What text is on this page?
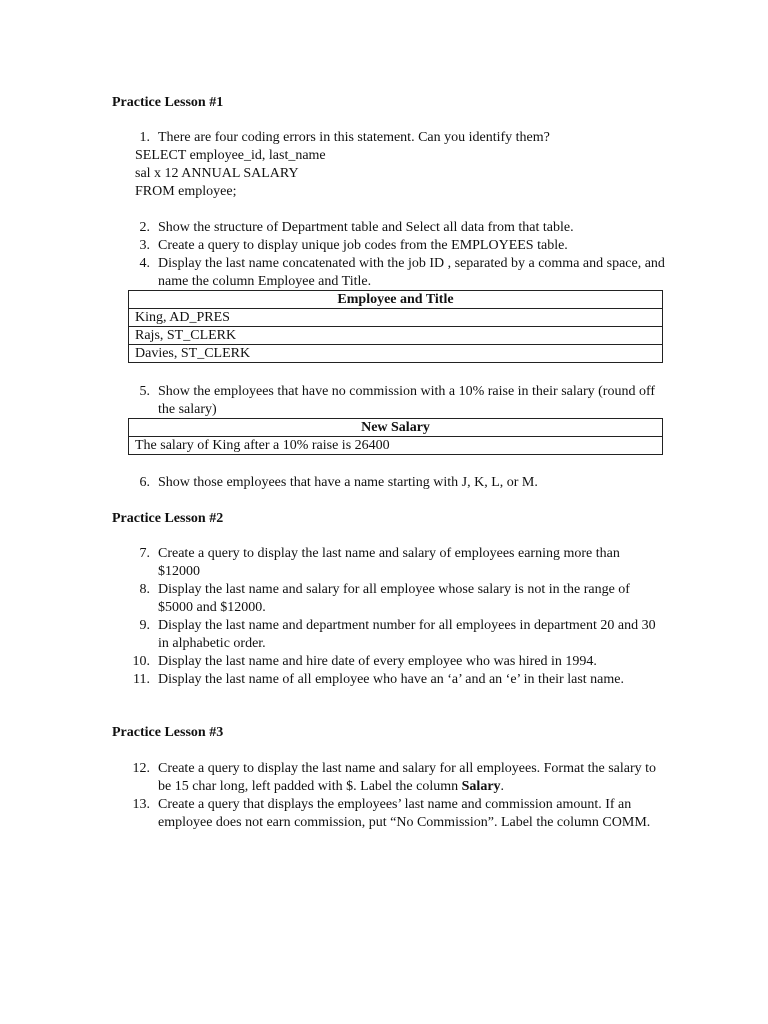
Practice Lesson #1
1. There are four coding errors in this statement. Can you identify them?
SELECT employee_id, last_name
sal x 12 ANNUAL SALARY
FROM employee;
2. Show the structure of Department table and Select all data from that table.
3. Create a query to display unique job codes from the EMPLOYEES table.
4. Display the last name concatenated with the job ID , separated by a comma and space, and name the column Employee and Title.
Employee and Title
King, AD_PRES
Rajs, ST_CLERK
Davies, ST_CLERK
5. Show the employees that have no commission with a 10% raise in their salary (round off the salary)
New Salary
The salary of King after a 10% raise is 26400
6. Show those employees that have a name starting with J, K, L, or M.
Practice Lesson #2
7. Create a query to display the last name and salary of employees earning more than $12000
8. Display the last name and salary for all employee whose salary is not in the range of $5000 and $12000.
9. Display the last name and department number for all employees in department 20 and 30 in alphabetic order.
10. Display the last name and hire date of every employee who was hired in 1994.
11. Display the last name of all employee who have an ‘a’ and an ‘e’ in their last name.
Practice Lesson #3
12. Create a query to display the last name and salary for all employees. Format the salary to be 15 char long, left padded with $. Label the column Salary.
13. Create a query that displays the employees’ last name and commission amount. If an employee does not earn commission, put “No Commission”. Label the column COMM.
